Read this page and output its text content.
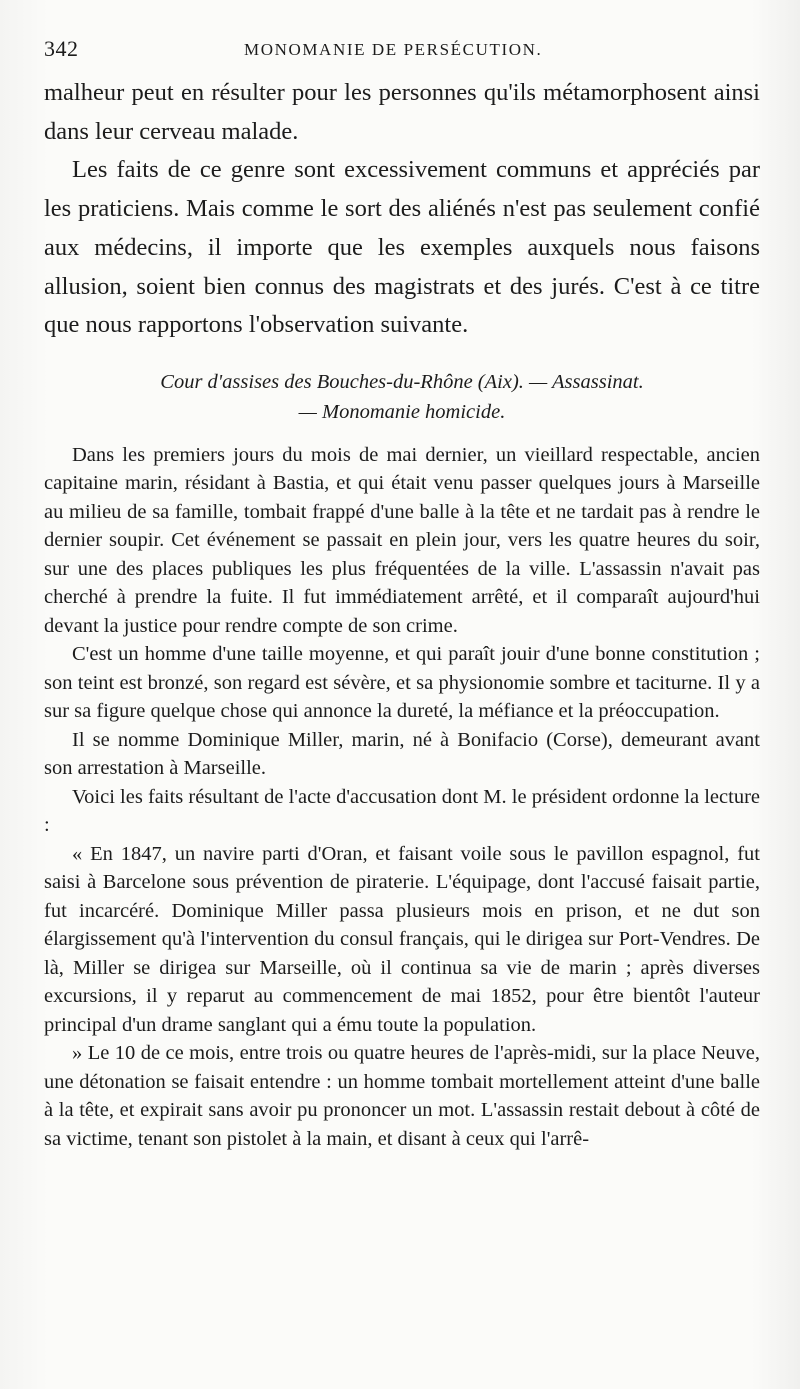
342	MONOMANIE DE PERSÉCUTION.

malheur peut en résulter pour les personnes qu'ils métamorphosent ainsi dans leur cerveau malade.

Les faits de ce genre sont excessivement communs et appréciés par les praticiens. Mais comme le sort des aliénés n'est pas seulement confié aux médecins, il importe que les exemples auxquels nous faisons allusion, soient bien connus des magistrats et des jurés. C'est à ce titre que nous rapportons l'observation suivante.

Cour d'assises des Bouches-du-Rhône (Aix). — Assassinat.
— Monomanie homicide.

Dans les premiers jours du mois de mai dernier, un vieillard respectable, ancien capitaine marin, résidant à Bastia, et qui était venu passer quelques jours à Marseille au milieu de sa famille, tombait frappé d'une balle à la tête et ne tardait pas à rendre le dernier soupir. Cet événement se passait en plein jour, vers les quatre heures du soir, sur une des places publiques les plus fréquentées de la ville. L'assassin n'avait pas cherché à prendre la fuite. Il fut immédiatement arrêté, et il comparaît aujourd'hui devant la justice pour rendre compte de son crime.

C'est un homme d'une taille moyenne, et qui paraît jouir d'une bonne constitution ; son teint est bronzé, son regard est sévère, et sa physionomie sombre et taciturne. Il y a sur sa figure quelque chose qui annonce la dureté, la méfiance et la préoccupation.

Il se nomme Dominique Miller, marin, né à Bonifacio (Corse), demeurant avant son arrestation à Marseille.

Voici les faits résultant de l'acte d'accusation dont M. le président ordonne la lecture :

« En 1847, un navire parti d'Oran, et faisant voile sous le pavillon espagnol, fut saisi à Barcelone sous prévention de piraterie. L'équipage, dont l'accusé faisait partie, fut incarcéré. Dominique Miller passa plusieurs mois en prison, et ne dut son élargissement qu'à l'intervention du consul français, qui le dirigea sur Port-Vendres. De là, Miller se dirigea sur Marseille, où il continua sa vie de marin ; après diverses excursions, il y reparut au commencement de mai 1852, pour être bientôt l'auteur principal d'un drame sanglant qui a ému toute la population.

» Le 10 de ce mois, entre trois ou quatre heures de l'après-midi, sur la place Neuve, une détonation se faisait entendre : un homme tombait mortellement atteint d'une balle à la tête, et expirait sans avoir pu prononcer un mot. L'assassin restait debout à côté de sa victime, tenant son pistolet à la main, et disant à ceux qui l'arrê-
